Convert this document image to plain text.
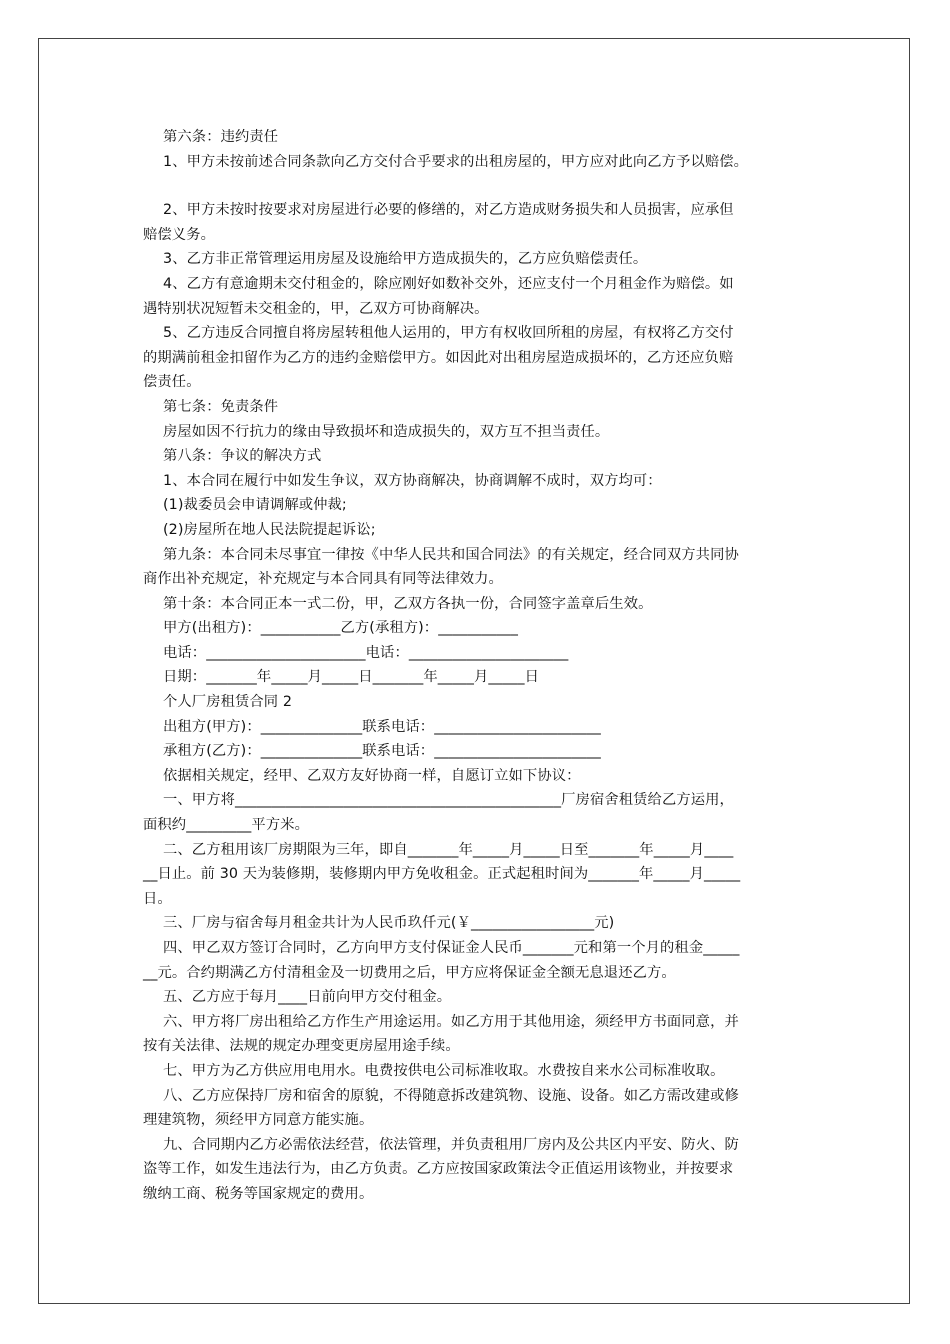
第六条：违约责任

1、甲方未按前述合同条款向乙方交付合乎要求的出租房屋的，甲方应对此向乙方予以赔偿。

2、甲方未按时按要求对房屋进行必要的修缮的，对乙方造成财务损失和人员损害，应承但

赔偿义务。

3、乙方非正常管理运用房屋及设施给甲方造成损失的，乙方应负赔偿责任。

4、乙方有意逾期未交付租金的，除应刚好如数补交外，还应支付一个月租金作为赔偿。如

遇特别状况短暂未交租金的，甲，乙双方可协商解决。

5、乙方违反合同擅自将房屋转租他人运用的，甲方有权收回所租的房屋，有权将乙方交付

的期满前租金扣留作为乙方的违约金赔偿甲方。如因此对出租房屋造成损坏的，乙方还应负赔

偿责任。

第七条：免责条件

房屋如因不行抗力的缘由导致损坏和造成损失的，双方互不担当责任。

第八条：争议的解决方式

1、本合同在履行中如发生争议，双方协商解决，协商调解不成时，双方均可：

(1)裁委员会申请调解或仲裁;

(2)房屋所在地人民法院提起诉讼;

第九条：本合同未尽事宜一律按《中华人民共和国合同法》的有关规定，经合同双方共同协

商作出补充规定，补充规定与本合同具有同等法律效力。

第十条：本合同正本一式二份，甲，乙双方各执一份，合同签字盖章后生效。

甲方(出租方)：___________乙方(承租方)：___________

电话：______________________电话：______________________

日期：_______年_____月_____日_______年_____月_____日

个人厂房租赁合同 2

出租方(甲方)：______________联系电话：_______________________

承租方(乙方)：______________联系电话：_______________________

依据相关规定，经甲、乙双方友好协商一样，自愿订立如下协议：

一、甲方将_____________________________________________厂房宿舍租赁给乙方运用，

面积约_________平方米。

二、乙方租用该厂房期限为三年，即自_______年_____月_____日至_______年_____月____

__日止。前 30 天为装修期，装修期内甲方免收租金。正式起租时间为_______年_____月_____

日。

三、厂房与宿舍每月租金共计为人民币玖仟元(￥_________________元)

四、甲乙双方签订合同时，乙方向甲方支付保证金人民币_______元和第一个月的租金_____

__元。合约期满乙方付清租金及一切费用之后，甲方应将保证金全额无息退还乙方。

五、乙方应于每月____日前向甲方交付租金。

六、甲方将厂房出租给乙方作生产用途运用。如乙方用于其他用途，须经甲方书面同意，并

按有关法律、法规的规定办理变更房屋用途手续。

七、甲方为乙方供应用电用水。电费按供电公司标准收取。水费按自来水公司标准收取。

八、乙方应保持厂房和宿舍的原貌，不得随意拆改建筑物、设施、设备。如乙方需改建或修

理建筑物，须经甲方同意方能实施。

九、合同期内乙方必需依法经营，依法管理，并负责租用厂房内及公共区内平安、防火、防

盗等工作，如发生违法行为，由乙方负责。乙方应按国家政策法令正值运用该物业，并按要求

缴纳工商、税务等国家规定的费用。
